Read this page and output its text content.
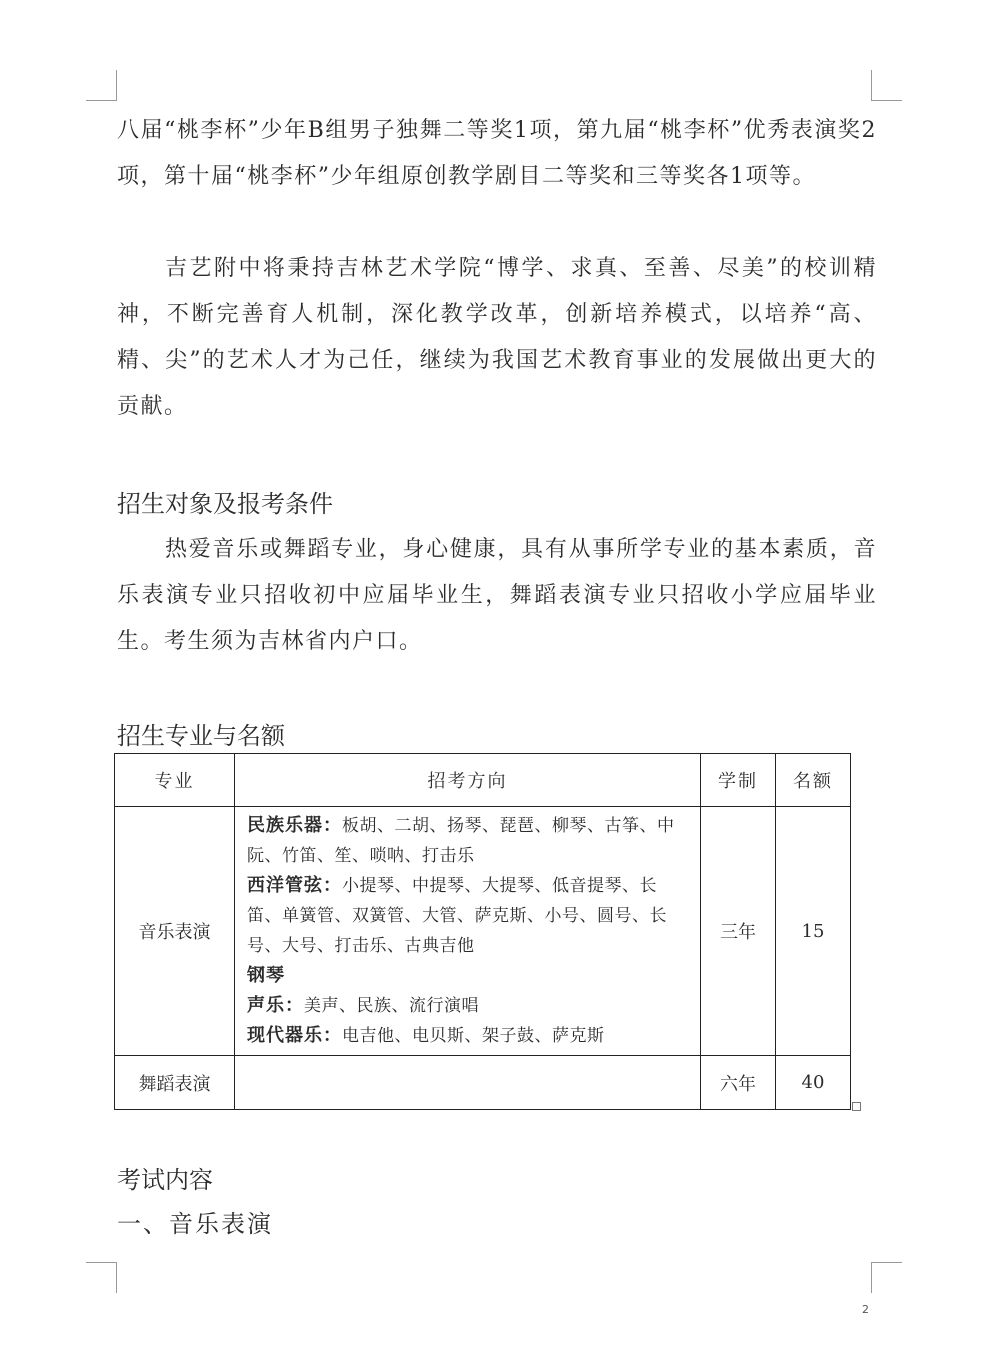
八届“桃李杯”少年B组男子独舞二等奖1项，第九届“桃李杯”优秀表演奖2项，第十届“桃李杯”少年组原创教学剧目二等奖和三等奖各1项等。
吉艺附中将秉持吉林艺术学院“博学、求真、至善、尽美”的校训精神，不断完善育人机制，深化教学改革，创新培养模式，以培养“高、精、尖”的艺术人才为己任，继续为我国艺术教育事业的发展做出更大的贡献。
招生对象及报考条件
热爱音乐或舞蹈专业，身心健康，具有从事所学专业的基本素质，音乐表演专业只招收初中应届毕业生，舞蹈表演专业只招收小学应届毕业生。考生须为吉林省内户口。
招生专业与名额
专业	招考方向	学制	名额
音乐表演	民族乐器：板胡、二胡、扬琴、琵琶、柳琴、古筝、中阮、竹笛、笙、唢呐、打击乐
西洋管弦：小提琴、中提琴、大提琴、低音提琴、长笛、单簧管、双簧管、大管、萨克斯、小号、圆号、长号、大号、打击乐、古典吉他
钢琴
声乐：美声、民族、流行演唱
现代器乐：电吉他、电贝斯、架子鼓、萨克斯	三年	15
舞蹈表演		六年	40
考试内容
一、音乐表演
2
